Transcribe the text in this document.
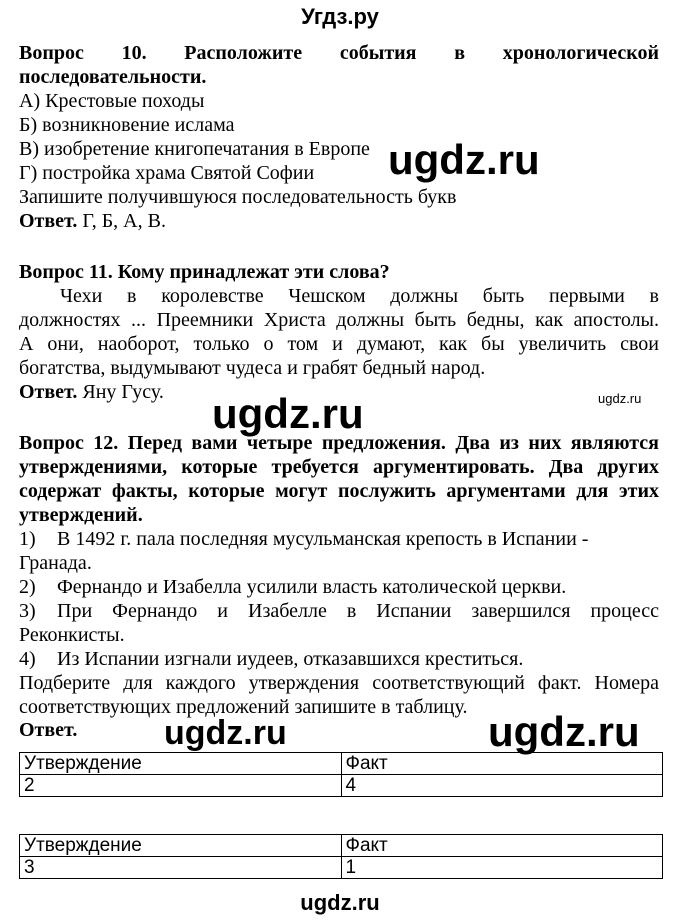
Угдз.ру
Вопрос 10. Расположите события в хронологической
последовательности.
А) Крестовые походы
Б) возникновение ислама
В) изобретение книгопечатания в Европе
Г) постройка храма Святой Софии
Запишите получившуюся последовательность букв
Ответ. Г, Б, А, В.
Вопрос 11. Кому принадлежат эти слова?
Чехи в королевстве Чешском должны быть первыми в
должностях ... Преемники Христа должны быть бедны, как апостолы.
А они, наоборот, только о том и думают, как бы увеличить свои
богатства, выдумывают чудеса и грабят бедный народ.
Ответ. Яну Гусу.
Вопрос 12. Перед вами четыре предложения. Два из них являются
утверждениями, которые требуется аргументировать. Два других
содержат факты, которые могут послужить аргументами для этих
утверждений.
1) В 1492 г. пала последняя мусульманская крепость в Испании -
Гранада.
2) Фернандо и Изабелла усилили власть католической церкви.
3) При Фернандо и Изабелле в Испании завершился процесс
Реконкисты.
4) Из Испании изгнали иудеев, отказавшихся креститься.
Подберите для каждого утверждения соответствующий факт. Номера
соответствующих предложений запишите в таблицу.
Ответ.
Утверждение	Факт
2	4
Утверждение	Факт
3	1
ugdz.ru
ugdz.ru	ugdz.ru
ugdz.ru	ugdz.ru
ugdz.ru
